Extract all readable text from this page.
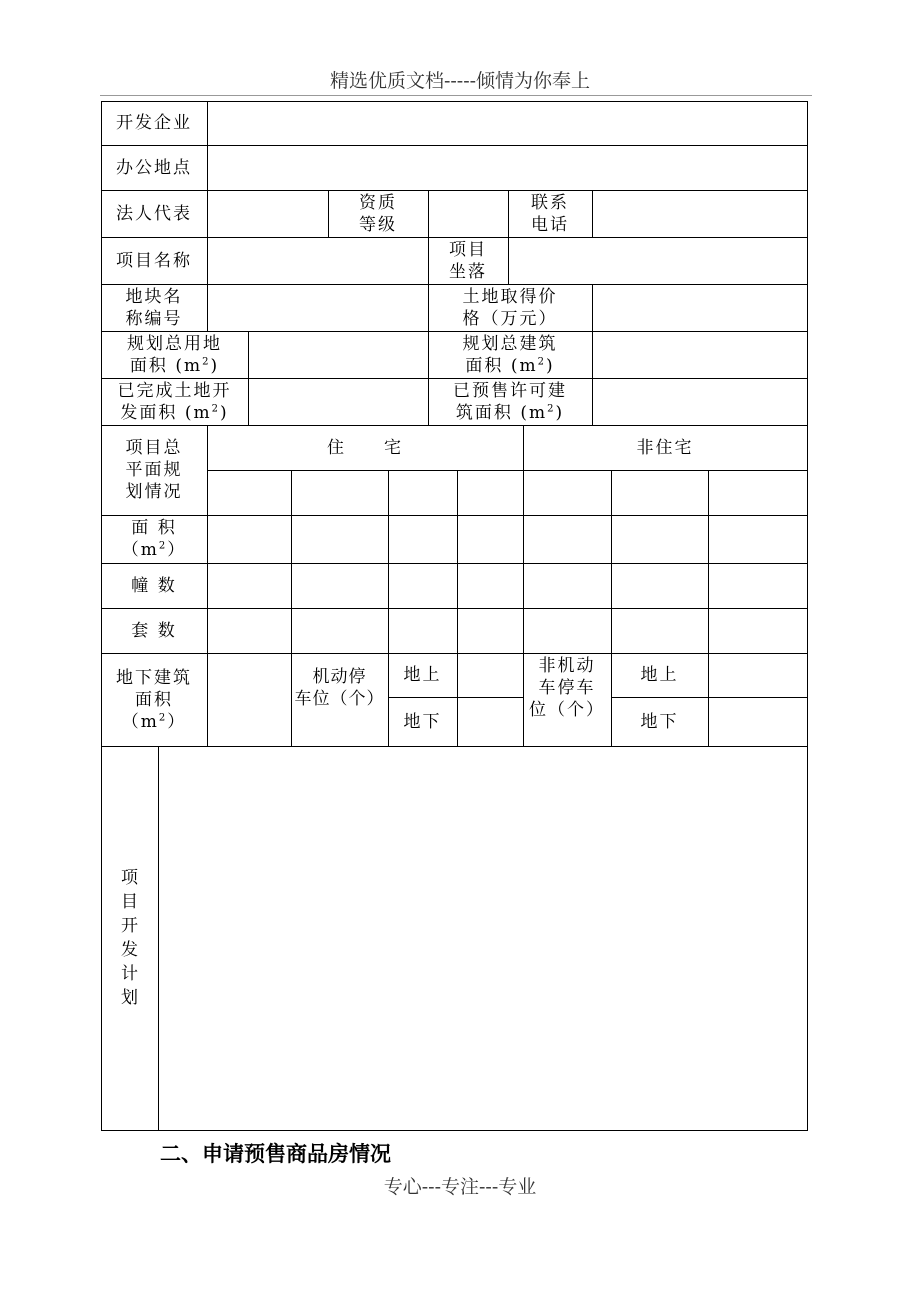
精选优质文档-----倾情为你奉上
开发企业
办公地点
法人代表
资质
等级
联系
电话
项目名称
项目
坐落
地块名
称编号
土地取得价
格（万元）
规划总用地
面积 $(m^2)$
规划总建筑
面积 $(m^2)$
已完成土地开
发面积 $(m^2)$
已预售许可建
筑面积 $(m^2)$
项目总
平面规
划情况
住　　宅	非住宅
面 积
$(m^2)$
幢 数
套 数
地下建筑
面积
$(m^2)$
机动停
车位（个）
地上
地下
非机动
车停车
位（个）
地上
地下
项目开发计划
二、申请预售商品房情况
专心---专注---专业
